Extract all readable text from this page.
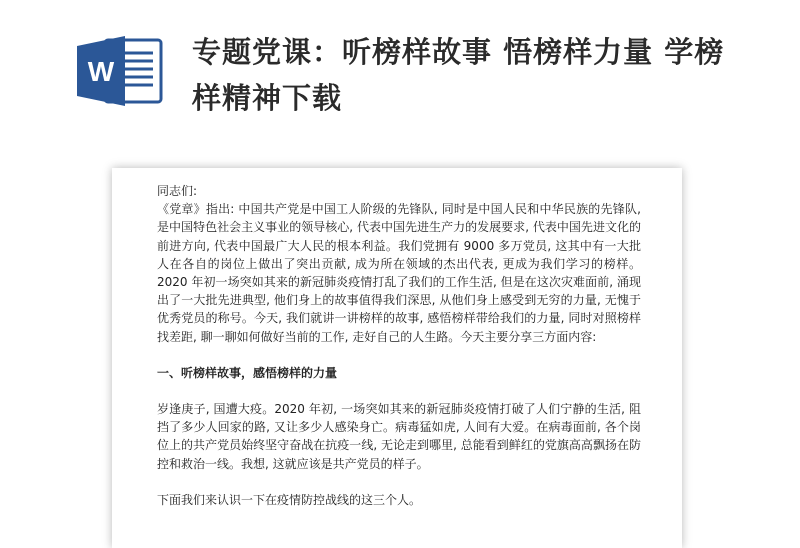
W
专题党课：听榜样故事 悟榜样力量 学榜样精神下载

同志们:

《党章》指出: 中国共产党是中国工人阶级的先锋队, 同时是中国人民和中华民族的先锋队, 是中国特色社会主义事业的领导核心, 代表中国先进生产力的发展要求, 代表中国先进文化的前进方向, 代表中国最广大人民的根本利益。我们党拥有 9000 多万党员, 这其中有一大批人在各自的岗位上做出了突出贡献, 成为所在领域的杰出代表, 更成为我们学习的榜样。2020 年初一场突如其来的新冠肺炎疫情打乱了我们的工作生活, 但是在这次灾难面前, 涌现出了一大批先进典型, 他们身上的故事值得我们深思, 从他们身上感受到无穷的力量, 无愧于优秀党员的称号。今天, 我们就讲一讲榜样的故事, 感悟榜样带给我们的力量, 同时对照榜样找差距, 聊一聊如何做好当前的工作, 走好自己的人生路。今天主要分享三方面内容:

一、听榜样故事，感悟榜样的力量

岁逢庚子, 国遭大疫。2020 年初, 一场突如其来的新冠肺炎疫情打破了人们宁静的生活, 阻挡了多少人回家的路, 又让多少人感染身亡。病毒猛如虎, 人间有大爱。在病毒面前, 各个岗位上的共产党员始终坚守奋战在抗疫一线, 无论走到哪里, 总能看到鲜红的党旗高高飘扬在防控和救治一线。我想, 这就应该是共产党员的样子。

下面我们来认识一下在疫情防控战线的这三个人。
